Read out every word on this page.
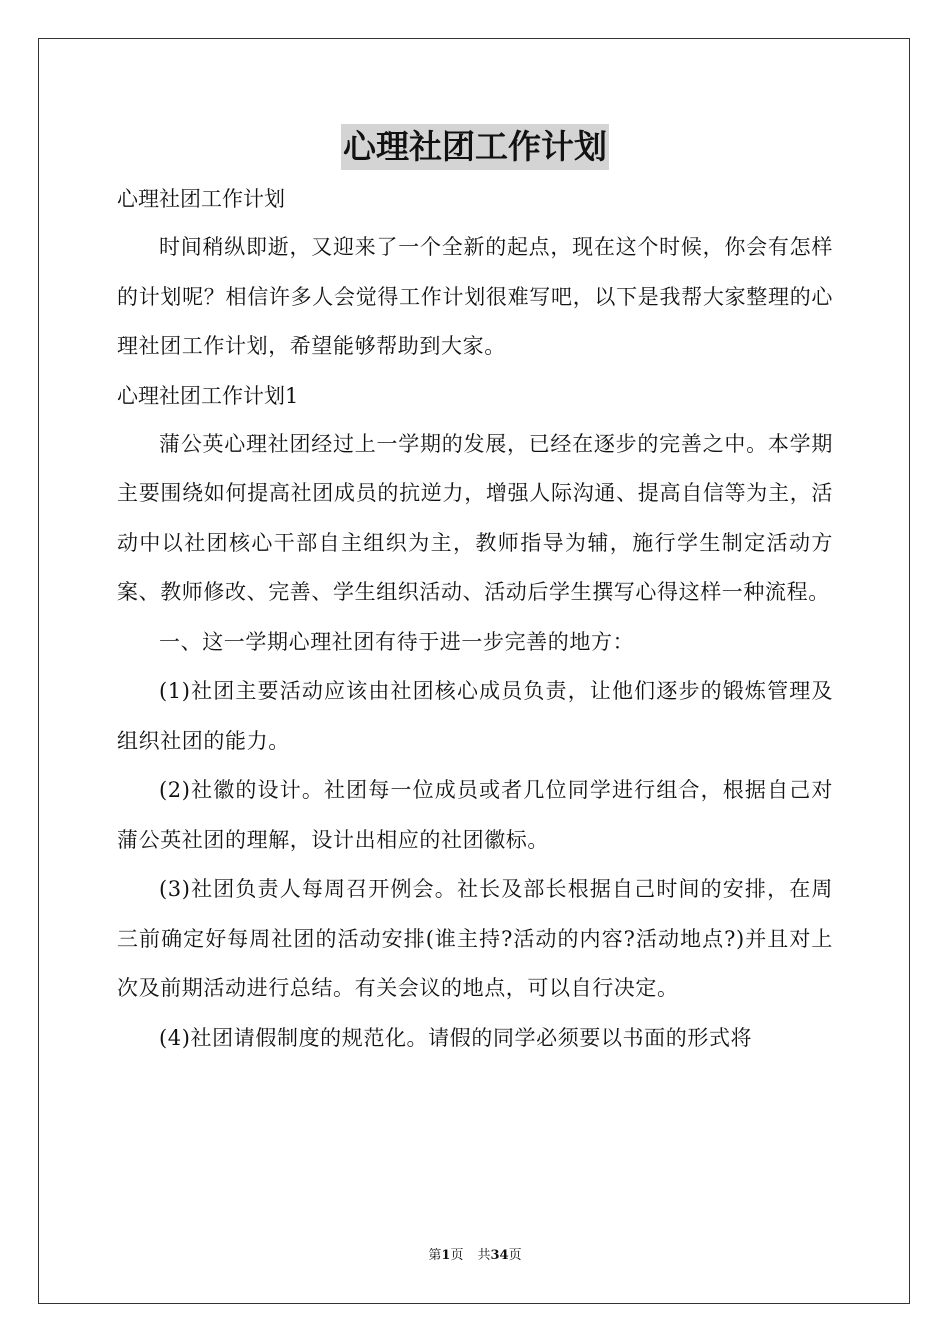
心理社团工作计划

心理社团工作计划

时间稍纵即逝，又迎来了一个全新的起点，现在这个时候，你会有怎样的计划呢？相信许多人会觉得工作计划很难写吧，以下是我帮大家整理的心理社团工作计划，希望能够帮助到大家。

心理社团工作计划1

蒲公英心理社团经过上一学期的发展，已经在逐步的完善之中。本学期主要围绕如何提高社团成员的抗逆力，增强人际沟通、提高自信等为主，活动中以社团核心干部自主组织为主，教师指导为辅，施行学生制定活动方案、教师修改、完善、学生组织活动、活动后学生撰写心得这样一种流程。

一、这一学期心理社团有待于进一步完善的地方：

(1)社团主要活动应该由社团核心成员负责，让他们逐步的锻炼管理及组织社团的能力。

(2)社徽的设计。社团每一位成员或者几位同学进行组合，根据自己对蒲公英社团的理解，设计出相应的社团徽标。

(3)社团负责人每周召开例会。社长及部长根据自己时间的安排，在周三前确定好每周社团的活动安排(谁主持?活动的内容?活动地点?)并且对上次及前期活动进行总结。有关会议的地点，可以自行决定。

(4)社团请假制度的规范化。请假的同学必须要以书面的形式将

第1页 共34页
